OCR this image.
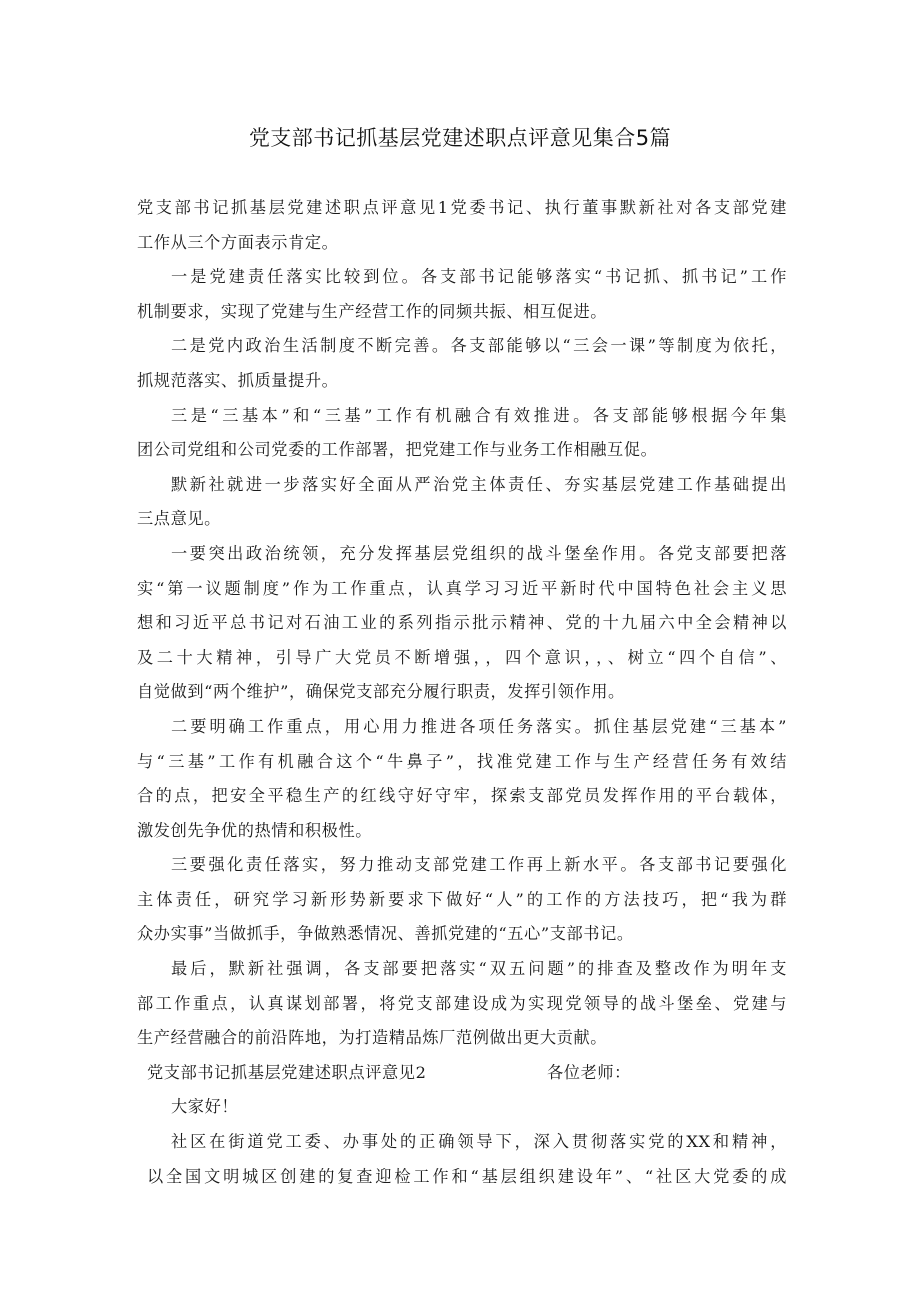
党支部书记抓基层党建述职点评意见集合5篇
党支部书记抓基层党建述职点评意见1党委书记、执行董事默新社对各支部党建
工作从三个方面表示肯定。
一是党建责任落实比较到位。各支部书记能够落实“书记抓、抓书记”工作
机制要求，实现了党建与生产经营工作的同频共振、相互促进。
二是党内政治生活制度不断完善。各支部能够以“三会一课”等制度为依托，
抓规范落实、抓质量提升。
三是“三基本”和“三基”工作有机融合有效推进。各支部能够根据今年集
团公司党组和公司党委的工作部署，把党建工作与业务工作相融互促。
默新社就进一步落实好全面从严治党主体责任、夯实基层党建工作基础提出
三点意见。
一要突出政治统领，充分发挥基层党组织的战斗堡垒作用。各党支部要把落
实“第一议题制度”作为工作重点，认真学习习近平新时代中国特色社会主义思
想和习近平总书记对石油工业的系列指示批示精神、党的十九届六中全会精神以
及二十大精神，引导广大党员不断增强，，四个意识，，、树立“四个自信”、
自觉做到“两个维护”，确保党支部充分履行职责，发挥引领作用。
二要明确工作重点，用心用力推进各项任务落实。抓住基层党建“三基本”
与“三基”工作有机融合这个“牛鼻子”，找准党建工作与生产经营任务有效结
合的点，把安全平稳生产的红线守好守牢，探索支部党员发挥作用的平台载体，
激发创先争优的热情和积极性。
三要强化责任落实，努力推动支部党建工作再上新水平。各支部书记要强化
主体责任，研究学习新形势新要求下做好“人”的工作的方法技巧，把“我为群
众办实事”当做抓手，争做熟悉情况、善抓党建的“五心”支部书记。
最后，默新社强调，各支部要把落实“双五问题”的排查及整改作为明年支
部工作重点，认真谋划部署，将党支部建设成为实现党领导的战斗堡垒、党建与
生产经营融合的前沿阵地，为打造精品炼厂范例做出更大贡献。
党支部书记抓基层党建述职点评意见2	各位老师：
大家好！
社区在街道党工委、办事处的正确领导下，深入贯彻落实党的XX和精神，
以全国文明城区创建的复查迎检工作和“基层组织建设年”、“社区大党委的成
